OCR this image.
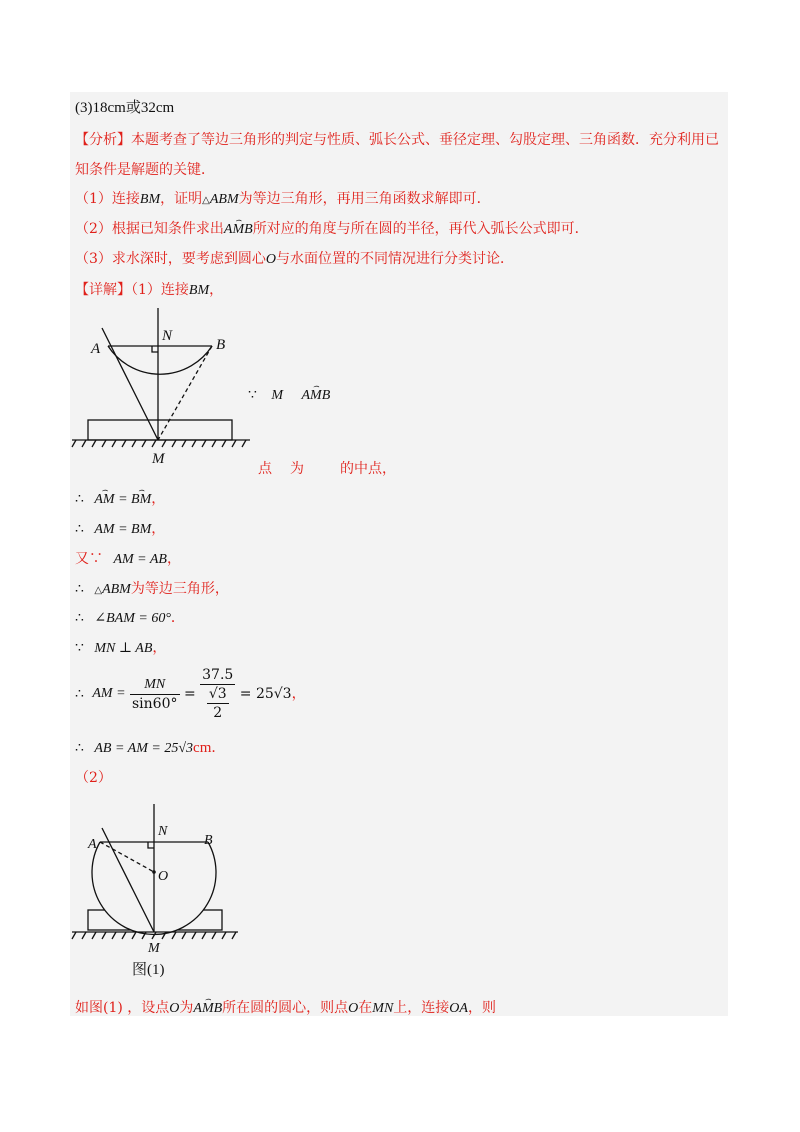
(3)18cm或32cm
【分析】本题考查了等边三角形的判定与性质、弧长公式、垂径定理、勾股定理、三角函数．充分利用已
知条件是解题的关键．
（1）连接BM，证明△ABM为等边三角形，再用三角函数求解即可．
（2）根据已知条件求出⌢ AMB所对应的角度与所在圆的半径，再代入弧长公式即可．
（3）求水深时，要考虑到圆心O与水面位置的不同情况进行分类讨论．
【详解】（1）连接BM，
A	B
N
M
∵ M ⌢ AMB
点 为	的中点，
∴ ⌢ AM = ⌢ BM，
∴ AM = BM，
又∵ AM = AB，
∴ △ABM为等边三角形，
∴ ∠BAM = 60°．
∵ MN ⊥ AB，
∴ AM = $\frac{MN}{\sin 60^\circ} = \frac{37.5}{\frac{√3}{2}} = 25√3$，
∴ AB = AM = 25√3cm．
（2）
A	B
N
O
M
图(1)
如图(1) ，设点O为⌢ AMB所在圆的圆心，则点O在MN上，连接OA，则
